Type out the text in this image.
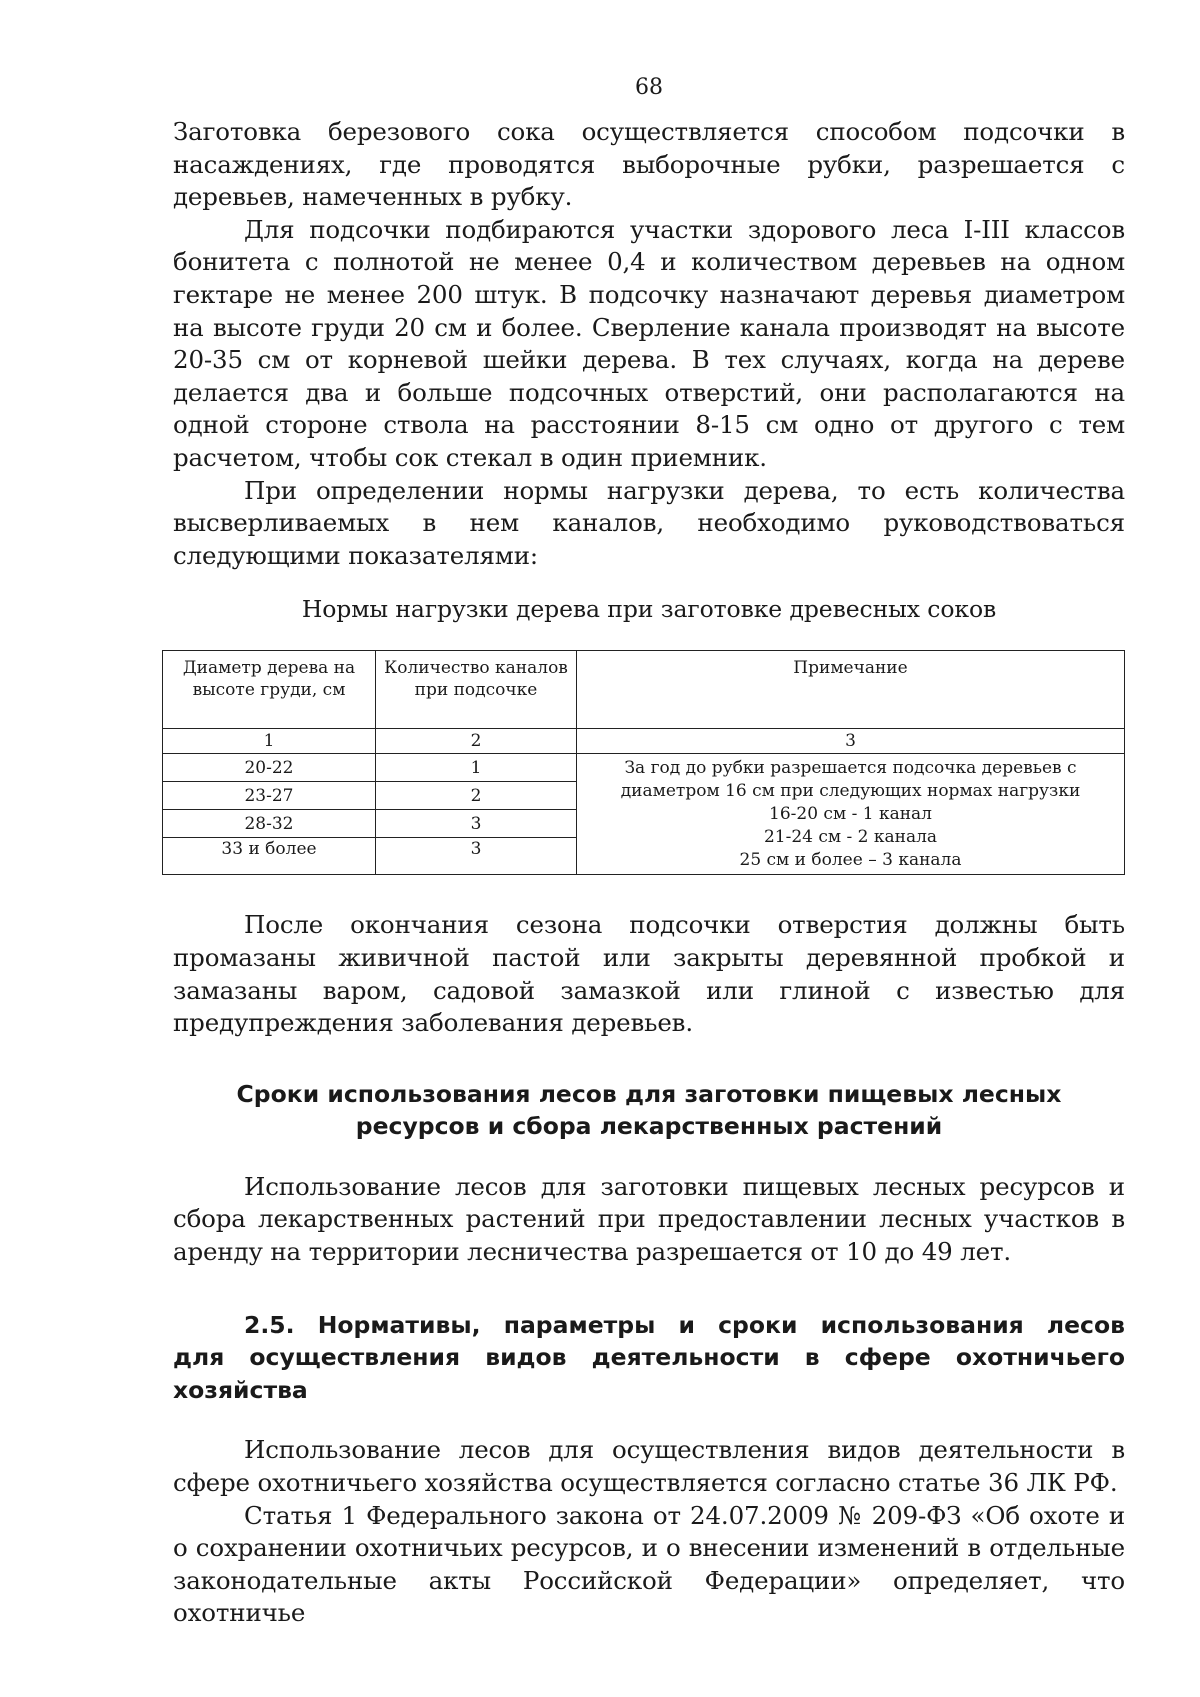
68

Заготовка березового сока осуществляется способом подсочки в насаждениях, где проводятся выборочные рубки, разрешается с деревьев, намеченных в рубку.

Для подсочки подбираются участки здорового леса I-III классов бонитета с полнотой не менее 0,4 и количеством деревьев на одном гектаре не менее 200 штук. В подсочку назначают деревья диаметром на высоте груди 20 см и более. Сверление канала производят на высоте 20-35 см от корневой шейки дерева. В тех случаях, когда на дереве делается два и больше подсочных отверстий, они располагаются на одной стороне ствола на расстоянии 8-15 см одно от другого с тем расчетом, чтобы сок стекал в один приемник.

При определении нормы нагрузки дерева, то есть количества высверливаемых в нем каналов, необходимо руководствоваться следующими показателями:

Нормы нагрузки дерева при заготовке древесных соков
Диаметр дерева на высоте груди, см	Количество каналов при подсочке	Примечание
1	2	3
20-22	1	За год до рубки разрешается подсочка деревьев с диаметром 16 см при следующих нормах нагрузки
16-20 см - 1 канал
21-24 см - 2 канала
25 см и более – 3 канала

23-27	2	
28-32	3	
33 и более	3	

После окончания сезона подсочки отверстия должны быть промазаны живичной пастой или закрыты деревянной пробкой и замазаны варом, садовой замазкой или глиной с известью для предупреждения заболевания деревьев.

Сроки использования лесов для заготовки пищевых лесных
ресурсов и сбора лекарственных растений

Использование лесов для заготовки пищевых лесных ресурсов и сбора лекарственных растений при предоставлении лесных участков в аренду на территории лесничества разрешается от 10 до 49 лет.

2.5. Нормативы, параметры и сроки использования лесов
для осуществления видов деятельности в сфере охотничьего хозяйства

Использование лесов для осуществления видов деятельности в сфере охотничьего хозяйства осуществляется согласно статье 36 ЛК РФ.

Статья 1 Федерального закона от 24.07.2009 № 209-ФЗ «Об охоте и о сохранении охотничьих ресурсов, и о внесении изменений в отдельные законодательные акты Российской Федерации» определяет, что охотничье
